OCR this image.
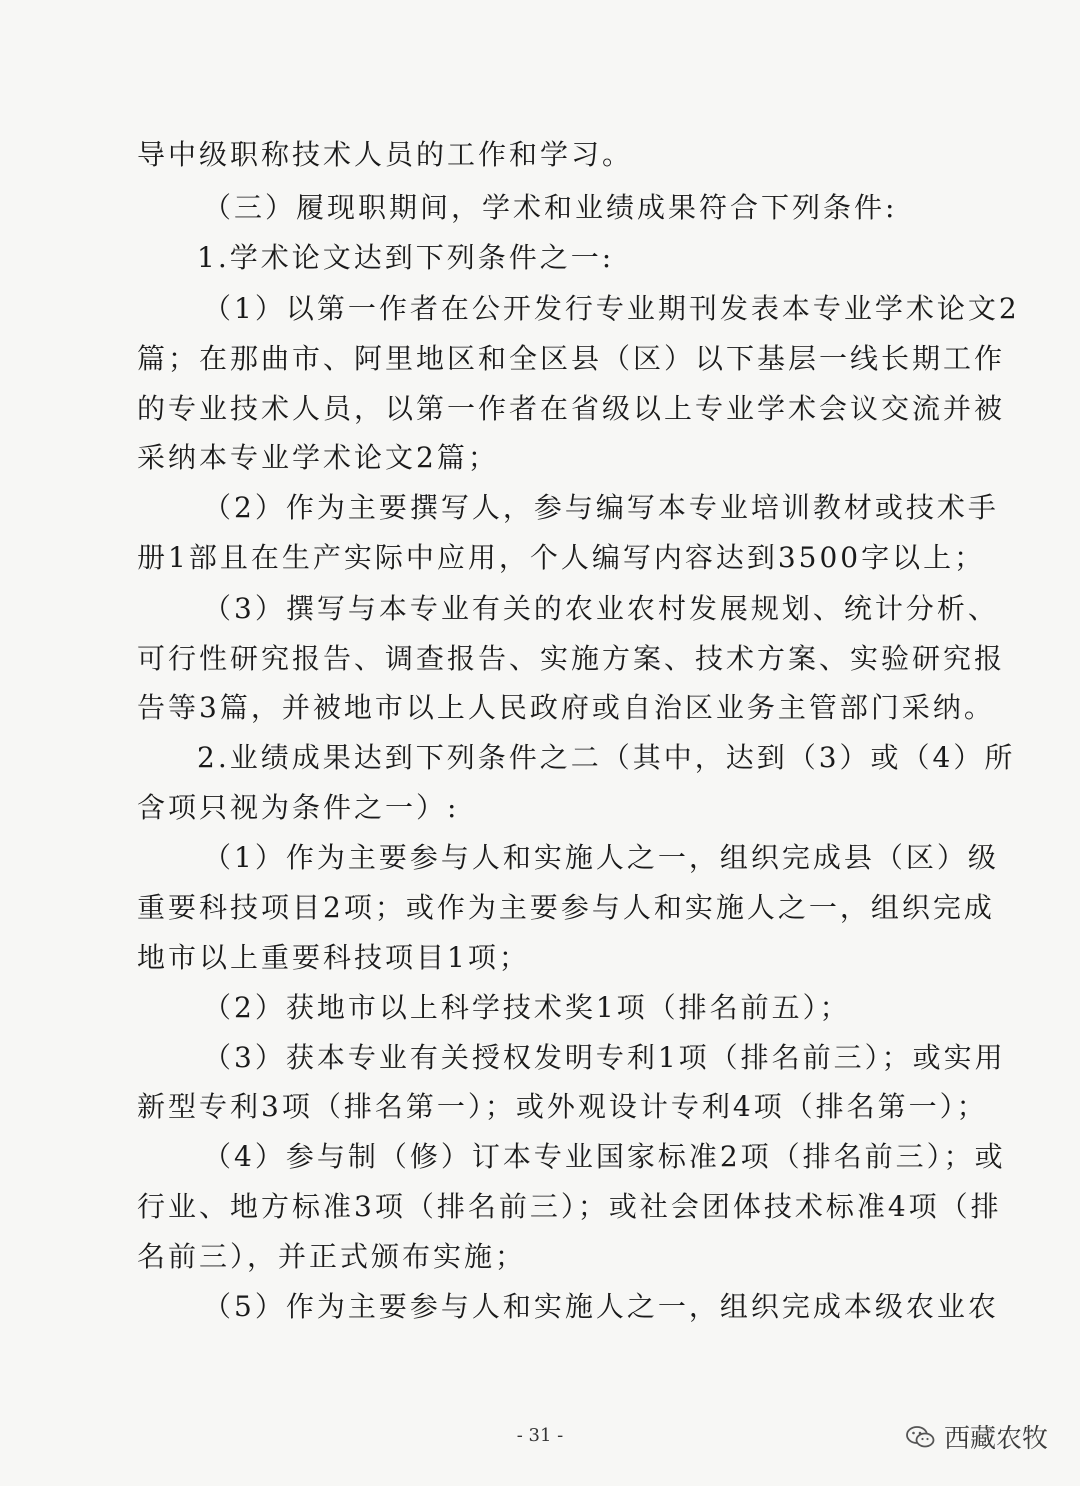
导中级职称技术人员的工作和学习。
（三）履现职期间，学术和业绩成果符合下列条件:
1.学术论文达到下列条件之一:
（1）以第一作者在公开发行专业期刊发表本专业学术论文2
篇；在那曲市、阿里地区和全区县（区）以下基层一线长期工作
的专业技术人员，以第一作者在省级以上专业学术会议交流并被
采纳本专业学术论文2篇；
（2）作为主要撰写人，参与编写本专业培训教材或技术手
册1部且在生产实际中应用，个人编写内容达到3500字以上；
（3）撰写与本专业有关的农业农村发展规划、统计分析、
可行性研究报告、调查报告、实施方案、技术方案、实验研究报
告等3篇，并被地市以上人民政府或自治区业务主管部门采纳。
2.业绩成果达到下列条件之二（其中，达到（3）或（4）所
含项只视为条件之一）:
（1）作为主要参与人和实施人之一，组织完成县（区）级
重要科技项目2项；或作为主要参与人和实施人之一，组织完成
地市以上重要科技项目1项；
（2）获地市以上科学技术奖1项（排名前五）；
（3）获本专业有关授权发明专利1项（排名前三）；或实用
新型专利3项（排名第一）；或外观设计专利4项（排名第一）；
（4）参与制（修）订本专业国家标准2项（排名前三）；或
行业、地方标准3项（排名前三）；或社会团体技术标准4项（排
名前三），并正式颁布实施；
（5）作为主要参与人和实施人之一，组织完成本级农业农
- 31 -	西藏农牧
